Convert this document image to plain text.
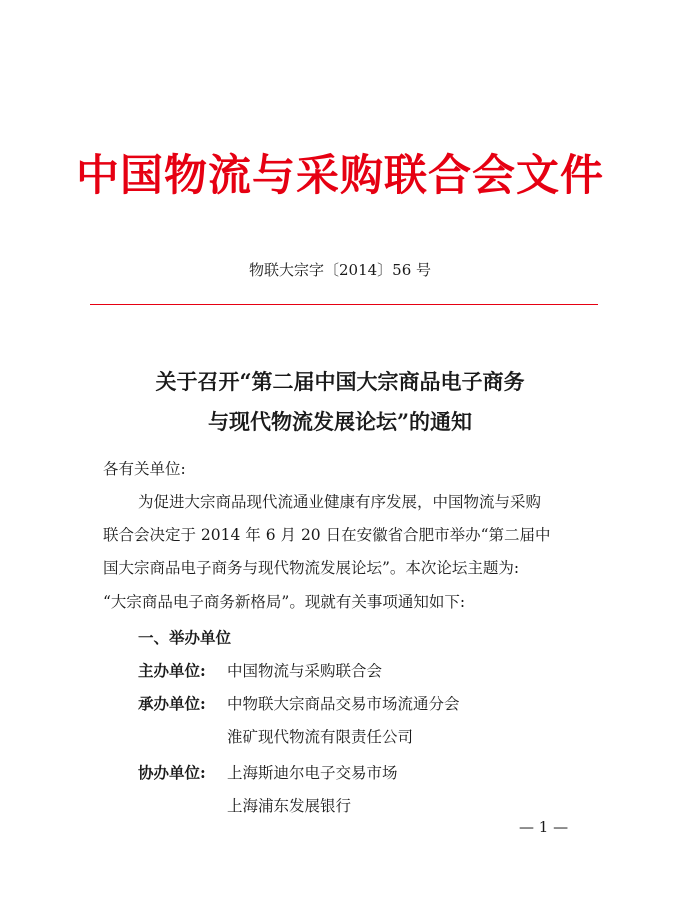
中国物流与采购联合会文件
物联大宗字〔2014〕56 号
关于召开“第二届中国大宗商品电子商务
与现代物流发展论坛”的通知
各有关单位:
为促进大宗商品现代流通业健康有序发展，中国物流与采购
联合会决定于 2014 年 6 月 20 日在安徽省合肥市举办“第二届中
国大宗商品电子商务与现代物流发展论坛”。本次论坛主题为:
“大宗商品电子商务新格局”。现就有关事项通知如下:
一、举办单位
主办单位: 中国物流与采购联合会
承办单位: 中物联大宗商品交易市场流通分会
淮矿现代物流有限责任公司
协办单位: 上海斯迪尔电子交易市场
上海浦东发展银行
— 1 —
